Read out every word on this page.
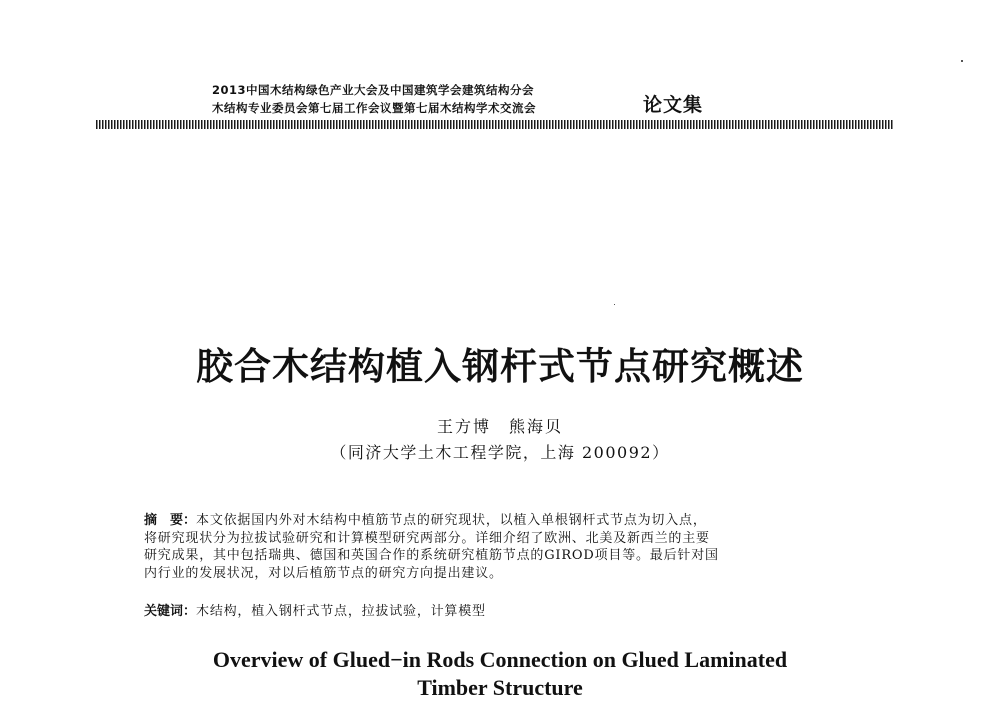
2013中国木结构绿色产业大会及中国建筑学会建筑结构分会
木结构专业委员会第七届工作会议暨第七届木结构学术交流会	论文集
胶合木结构植入钢杆式节点研究概述
王方博　熊海贝
（同济大学土木工程学院，上海 200092）
摘　要：本文依据国内外对木结构中植筋节点的研究现状，以植入单根钢杆式节点为切入点，
将研究现状分为拉拔试验研究和计算模型研究两部分。详细介绍了欧洲、北美及新西兰的主要
研究成果，其中包括瑞典、德国和英国合作的系统研究植筋节点的GIROD项目等。最后针对国
内行业的发展状况，对以后植筋节点的研究方向提出建议。
关键词：木结构，植入钢杆式节点，拉拔试验，计算模型
Overview of Glued−in Rods Connection on Glued Laminated
Timber Structure
